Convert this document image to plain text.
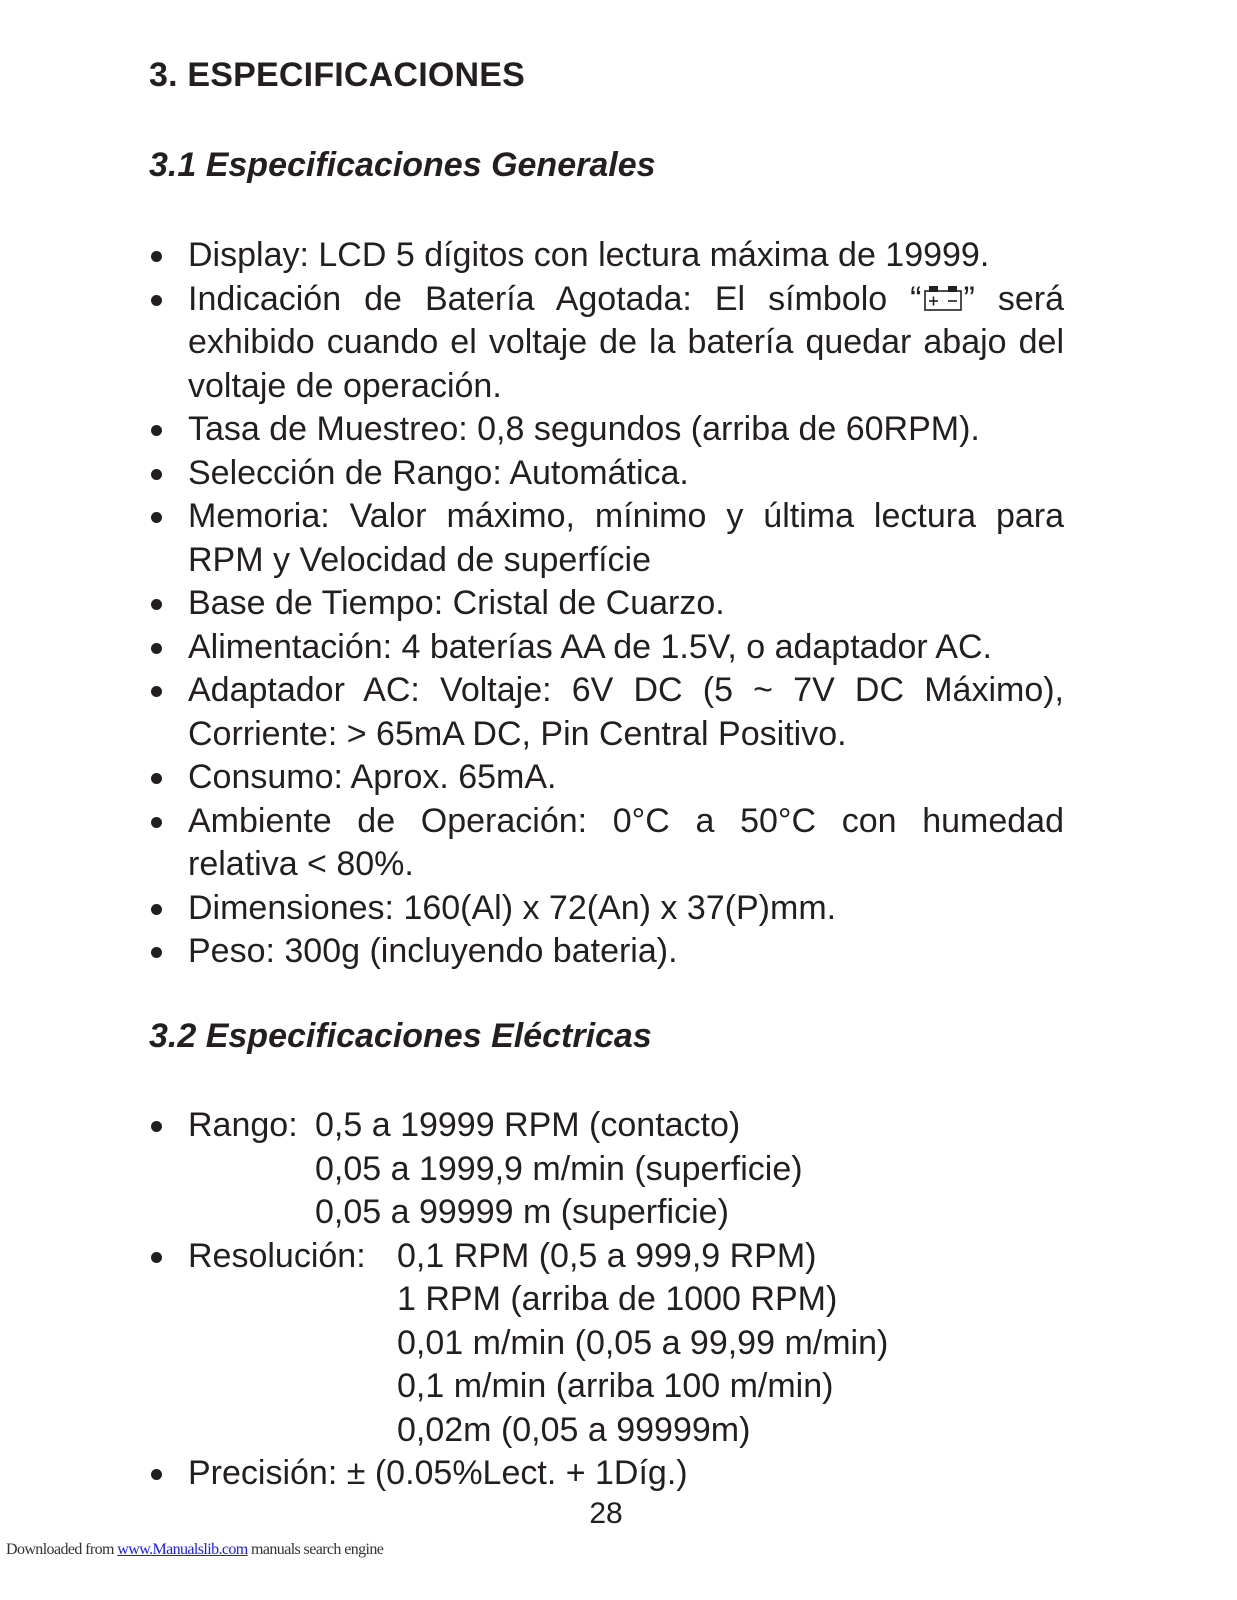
3. ESPECIFICACIONES
3.1 Especificaciones Generales
Display: LCD 5 dígitos con lectura máxima de 19999.
Indicación de Batería Agotada: El símbolo “ ” será exhibido cuando el voltaje de la batería quedar abajo del voltaje de operación.
Tasa de Muestreo: 0,8 segundos (arriba de 60RPM).
Selección de Rango: Automática.
Memoria: Valor máximo, mínimo y última lectura para RPM y Velocidad de superfície
Base de Tiempo: Cristal de Cuarzo.
Alimentación: 4 baterías AA de 1.5V, o adaptador AC.
Adaptador AC: Voltaje: 6V DC (5 ~ 7V DC Máximo), Corriente: > 65mA DC, Pin Central Positivo.
Consumo: Aprox. 65mA.
Ambiente de Operación: 0°C a 50°C con humedad relativa < 80%.
Dimensiones: 160(Al) x 72(An) x 37(P)mm.
Peso: 300g (incluyendo bateria).
3.2 Especificaciones Eléctricas
Rango: 0,5 a 19999 RPM (contacto)
0,05 a 1999,9 m/min (superficie)
0,05 a 99999 m (superficie)
Resolución: 0,1 RPM (0,5 a 999,9 RPM)
1 RPM (arriba de 1000 RPM)
0,01 m/min (0,05 a 99,99 m/min)
0,1 m/min (arriba 100 m/min)
0,02m (0,05 a 99999m)
Precisión: ± (0.05%Lect. + 1Díg.)
28
Downloaded from www.Manualslib.com manuals search engine
